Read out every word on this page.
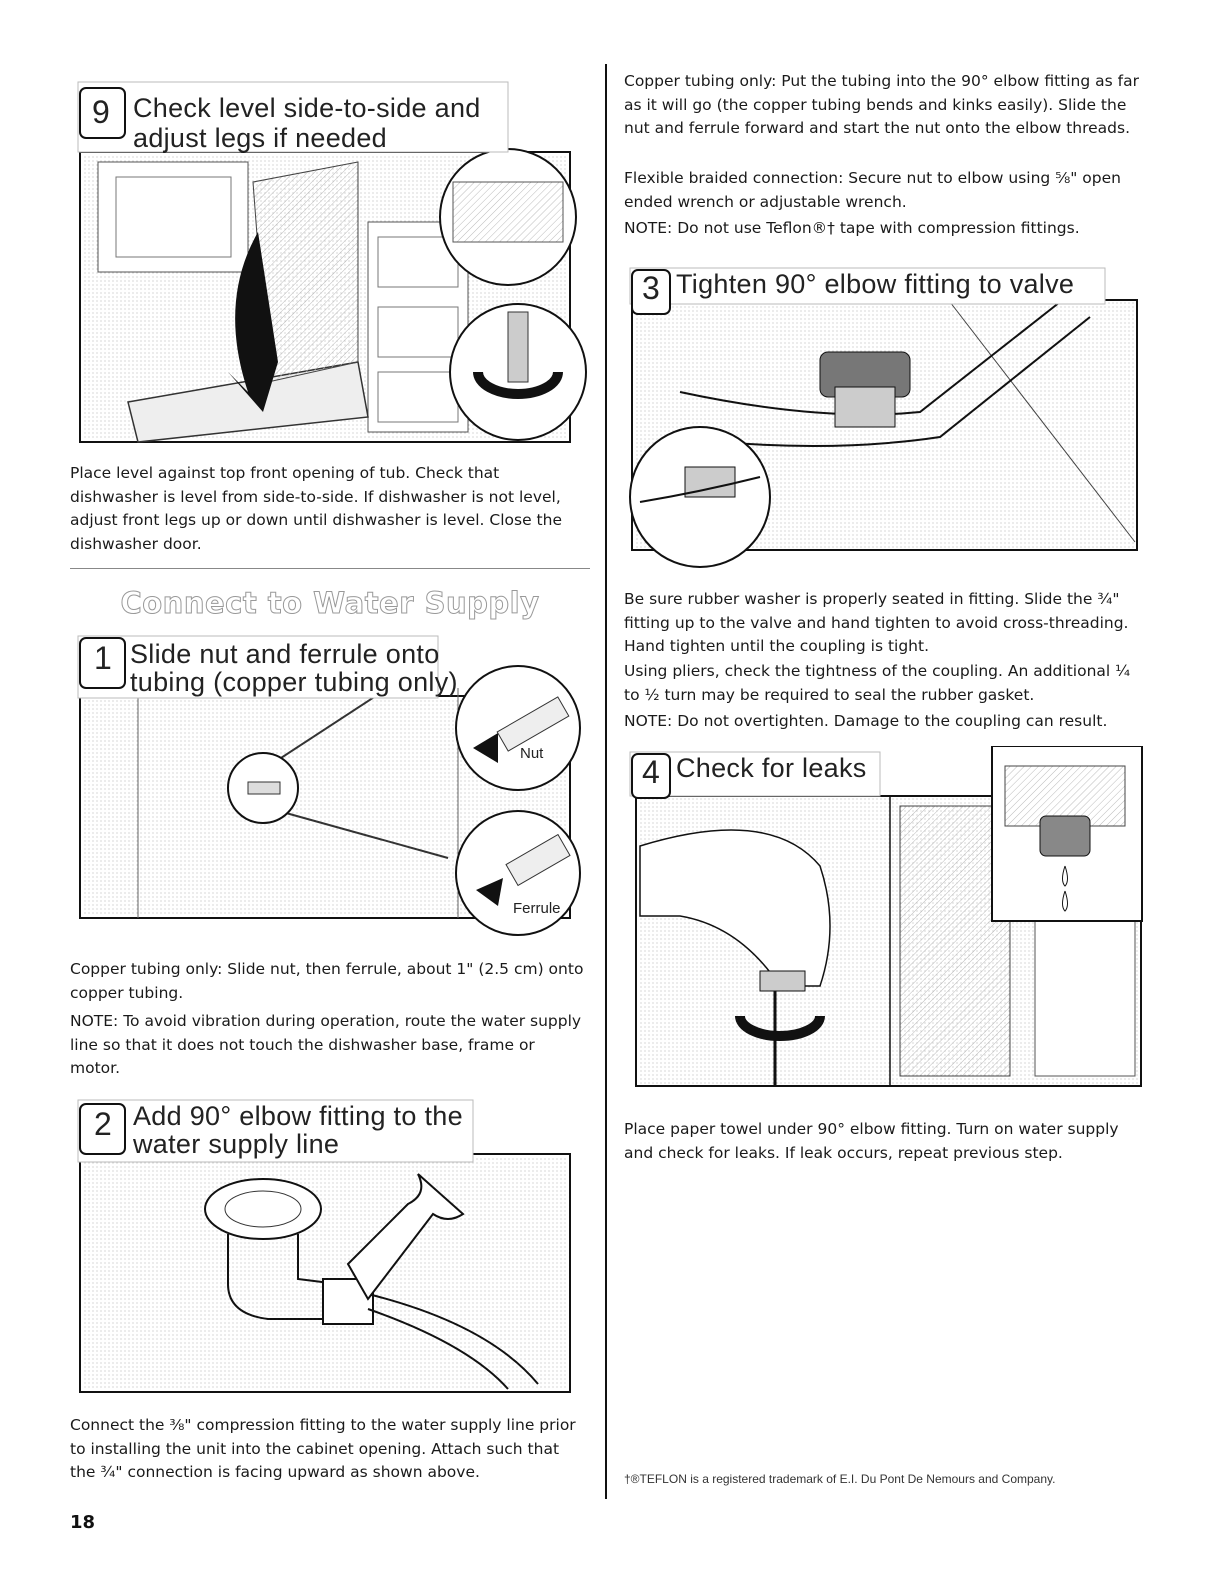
9 Check level side-to-side and
adjust legs if needed

Place level against top front opening of tub. Check that dishwasher is level from side-to-side. If dishwasher is not level, adjust front legs up or down until dishwasher is level. Close the dishwasher door.

Connect to Water Supply
Nut
Ferrule
1 Slide nut and ferrule onto
tubing (copper tubing only)

Copper tubing only: Slide nut, then ferrule, about 1" (2.5 cm) onto copper tubing.

NOTE: To avoid vibration during operation, route the water supply line so that it does not touch the dishwasher base, frame or motor.

2 Add 90° elbow fitting to the
water supply line

Connect the ⅜" compression fitting to the water supply line prior to installing the unit into the cabinet opening. Attach such that the ¾" connection is facing upward as shown above.

Copper tubing only: Put the tubing into the 90° elbow fitting as far as it will go (the copper tubing bends and kinks easily). Slide the nut and ferrule forward and start the nut onto the elbow threads.

Flexible braided connection: Secure nut to elbow using ⅝" open ended wrench or adjustable wrench.

NOTE: Do not use Teflon®† tape with compression fittings.

3 Tighten 90° elbow fitting to valve

Be sure rubber washer is properly seated in fitting. Slide the ¾" fitting up to the valve and hand tighten to avoid cross-threading. Hand tighten until the coupling is tight.

Using pliers, check the tightness of the coupling. An additional ¼ to ½ turn may be required to seal the rubber gasket.

NOTE: Do not overtighten. Damage to the coupling can result.

4 Check for leaks

Place paper towel under 90° elbow fitting. Turn on water supply and check for leaks. If leak occurs, repeat previous step.

†®TEFLON is a registered trademark of E.I. Du Pont De Nemours and Company.
18
